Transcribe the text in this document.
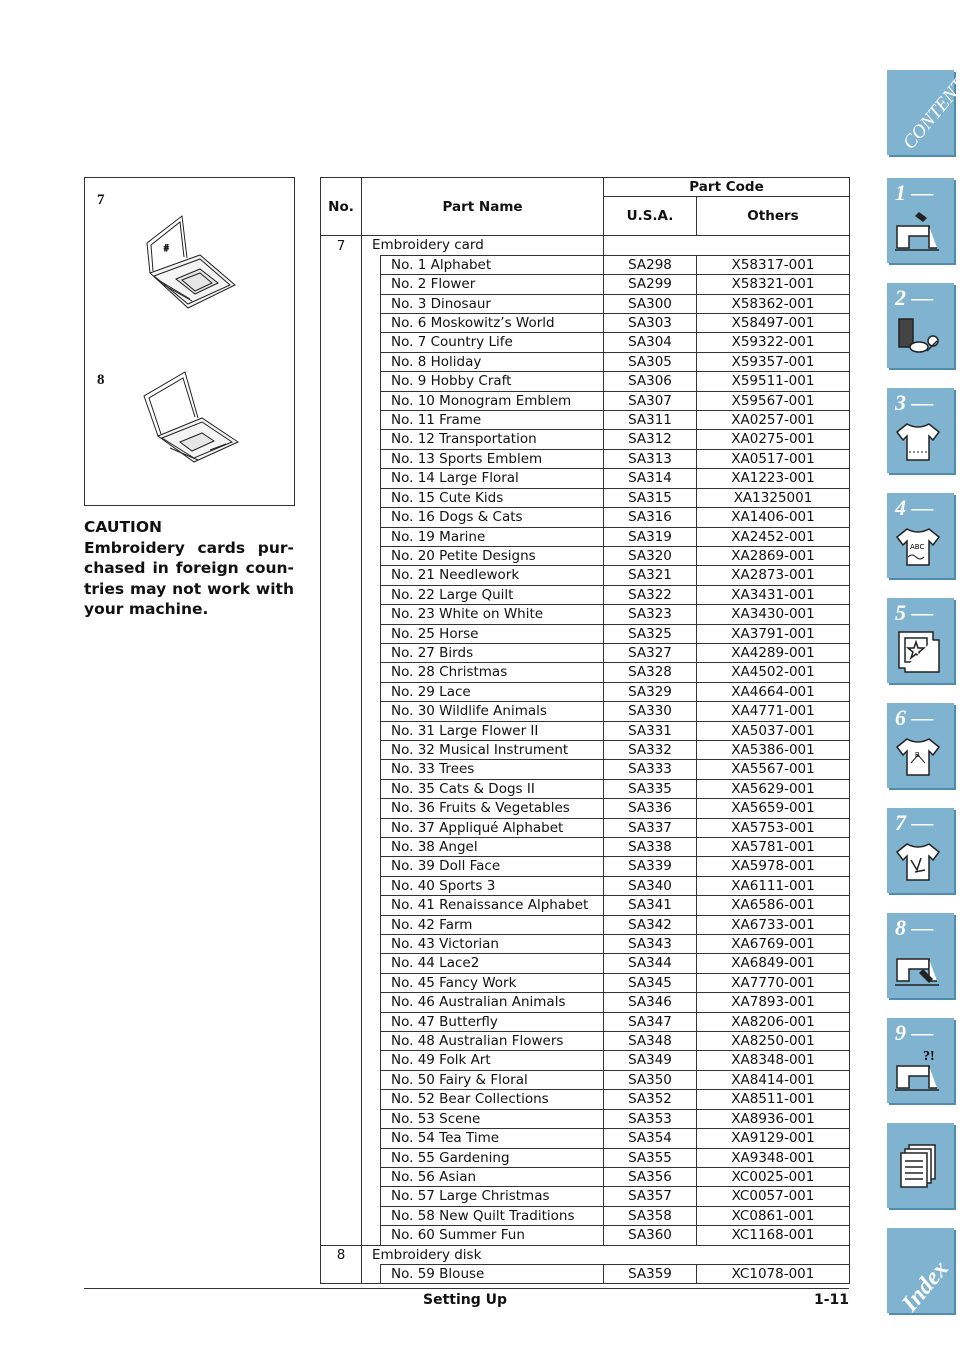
7
#
8
CAUTION
Embroidery cards pur-chased in foreign coun-tries may not work with your machine.
No.	Part Name		Part Code	
			U.S.A.	Others
7	Embroidery card			
		No. 1 Alphabet	SA298	X58317-001
		No. 2 Flower	SA299	X58321-001
		No. 3 Dinosaur	SA300	X58362-001
		No. 6 Moskowitz’s World	SA303	X58497-001
		No. 7 Country Life	SA304	X59322-001
		No. 8 Holiday	SA305	X59357-001
		No. 9 Hobby Craft	SA306	X59511-001
		No. 10 Monogram Emblem	SA307	X59567-001
		No. 11 Frame	SA311	XA0257-001
		No. 12 Transportation	SA312	XA0275-001
		No. 13 Sports Emblem	SA313	XA0517-001
		No. 14 Large Floral	SA314	XA1223-001
		No. 15 Cute Kids	SA315	XA1325001
		No. 16 Dogs & Cats	SA316	XA1406-001
		No. 19 Marine	SA319	XA2452-001
		No. 20 Petite Designs	SA320	XA2869-001
		No. 21 Needlework	SA321	XA2873-001
		No. 22 Large Quilt	SA322	XA3431-001
		No. 23 White on White	SA323	XA3430-001
		No. 25 Horse	SA325	XA3791-001
		No. 27 Birds	SA327	XA4289-001
		No. 28 Christmas	SA328	XA4502-001
		No. 29 Lace	SA329	XA4664-001
		No. 30 Wildlife Animals	SA330	XA4771-001
		No. 31 Large Flower II	SA331	XA5037-001
		No. 32 Musical Instrument	SA332	XA5386-001
		No. 33 Trees	SA333	XA5567-001
		No. 35 Cats & Dogs II	SA335	XA5629-001
		No. 36 Fruits & Vegetables	SA336	XA5659-001
		No. 37 Appliqué Alphabet	SA337	XA5753-001
		No. 38 Angel	SA338	XA5781-001
		No. 39 Doll Face	SA339	XA5978-001
		No. 40 Sports 3	SA340	XA6111-001
		No. 41 Renaissance Alphabet	SA341	XA6586-001
		No. 42 Farm	SA342	XA6733-001
		No. 43 Victorian	SA343	XA6769-001
		No. 44 Lace2	SA344	XA6849-001
		No. 45 Fancy Work	SA345	XA7770-001
		No. 46 Australian Animals	SA346	XA7893-001
		No. 47 Butterfly	SA347	XA8206-001
		No. 48 Australian Flowers	SA348	XA8250-001
		No. 49 Folk Art	SA349	XA8348-001
		No. 50 Fairy & Floral	SA350	XA8414-001
		No. 52 Bear Collections	SA352	XA8511-001
		No. 53 Scene	SA353	XA8936-001
		No. 54 Tea Time	SA354	XA9129-001
		No. 55 Gardening	SA355	XA9348-001
		No. 56 Asian	SA356	XC0025-001
		No. 57 Large Christmas	SA357	XC0057-001
		No. 58 New Quilt Traditions	SA358	XC0861-001
		No. 60 Summer Fun	SA360	XC1168-001
8	Embroidery disk			
		No. 59 Blouse	SA359	XC1078-001
Setting Up	1-11
CONTENTS
1 —
2 —
3 —
4 —
ABC
5 —
6 —
B
7 —
8 —
9 —
?!
Index
